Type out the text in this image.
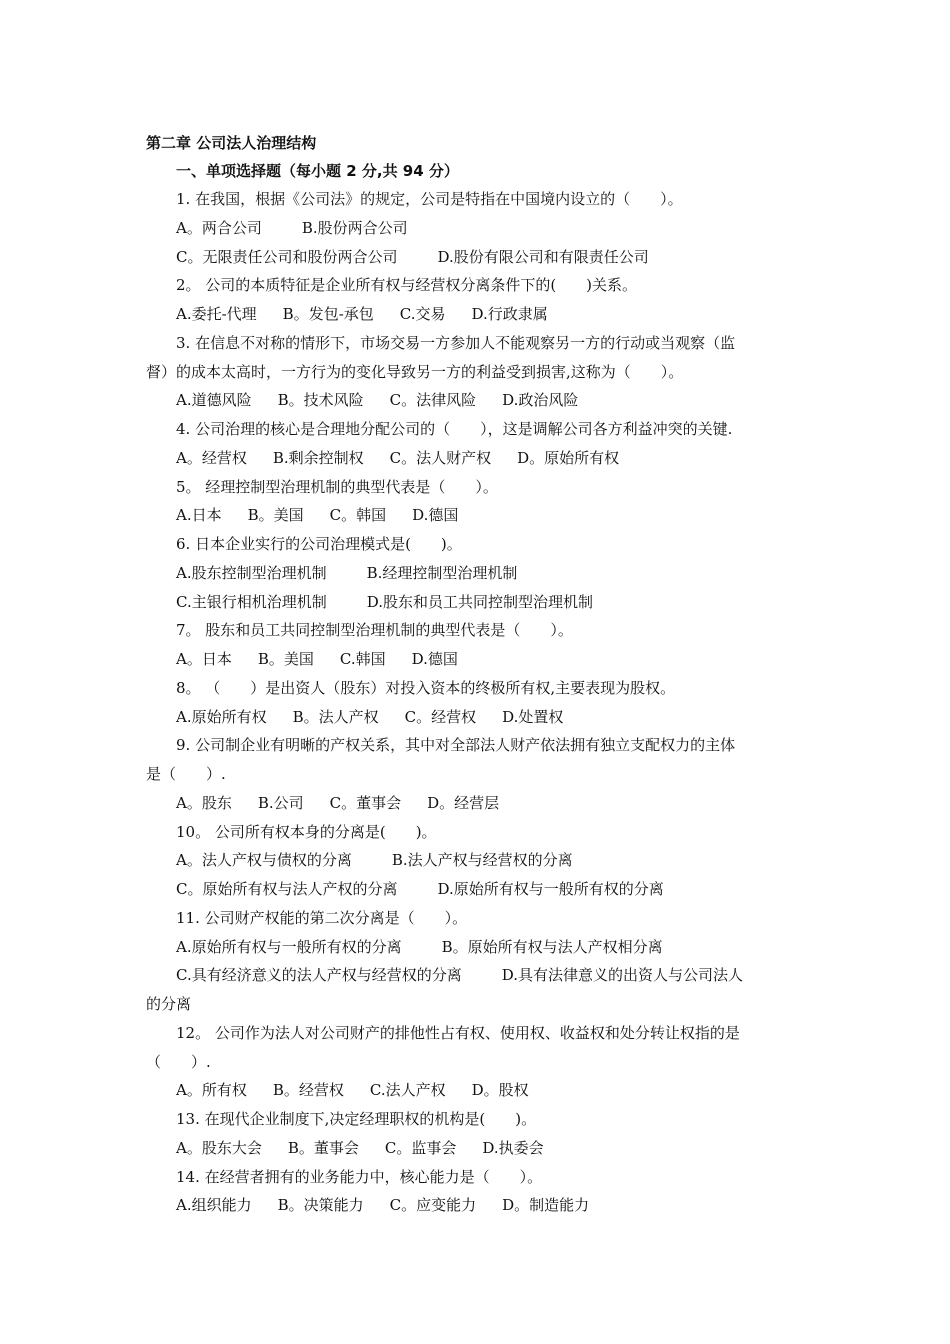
第二章 公司法人治理结构
一、单项选择题（每小题 2 分,共 94 分）
1. 在我国，根据《公司法》的规定，公司是特指在中国境内设立的（　　）。
A。两合公司	B.股份两合公司
C。无限责任公司和股份两合公司	D.股份有限公司和有限责任公司
2。 公司的本质特征是企业所有权与经营权分离条件下的(　　)关系。
A.委托-代理 B。发包-承包 C.交易 D.行政隶属
3. 在信息不对称的情形下，市场交易一方参加人不能观察另一方的行动或当观察（监
督）的成本太高时，一方行为的变化导致另一方的利益受到损害,这称为（　　）。
A.道德风险 B。技术风险 C。法律风险 D.政治风险
4. 公司治理的核心是合理地分配公司的（　　），这是调解公司各方利益冲突的关键.
A。经营权 B.剩余控制权 C。法人财产权 D。原始所有权
5。 经理控制型治理机制的典型代表是（　　）。
A.日本 B。美国 C。韩国 D.德国
6. 日本企业实行的公司治理模式是(　　)。
A.股东控制型治理机制	B.经理控制型治理机制
C.主银行相机治理机制	D.股东和员工共同控制型治理机制
7。 股东和员工共同控制型治理机制的典型代表是（　　）。
A。日本 B。美国 C.韩国 D.德国
8。 （　　）是出资人（股东）对投入资本的终极所有权,主要表现为股权。
A.原始所有权 B。法人产权 C。经营权 D.处置权
9. 公司制企业有明晰的产权关系，其中对全部法人财产依法拥有独立支配权力的主体
是（　　）.
A。股东 B.公司 C。董事会 D。经营层
10。 公司所有权本身的分离是(　　)。
A。法人产权与债权的分离	B.法人产权与经营权的分离
C。原始所有权与法人产权的分离	D.原始所有权与一般所有权的分离
11. 公司财产权能的第二次分离是（　　）。
A.原始所有权与一般所有权的分离	B。原始所有权与法人产权相分离
C.具有经济意义的法人产权与经营权的分离	D.具有法律意义的出资人与公司法人
的分离
12。 公司作为法人对公司财产的排他性占有权、使用权、收益权和处分转让权指的是
（　　）.
A。所有权 B。经营权 C.法人产权 D。股权
13. 在现代企业制度下,决定经理职权的机构是(　　)。
A。股东大会 B。董事会 C。监事会 D.执委会
14. 在经营者拥有的业务能力中，核心能力是（　　）。
A.组织能力 B。决策能力 C。应变能力 D。制造能力
